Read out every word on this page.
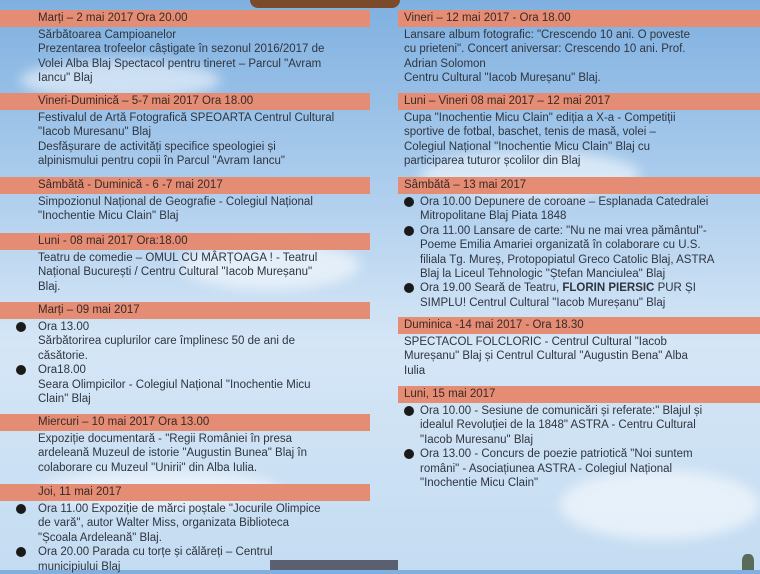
Marți – 2 mai 2017 Ora 20.00
Sărbătoarea Campioanelor
Prezentarea trofeelor câștigate în sezonul 2016/2017 de
Volei Alba Blaj Spectacol pentru tineret – Parcul "Avram
Iancu" Blaj
Vineri-Duminică – 5-7 mai 2017 Ora 18.00
Festivalul de Artă Fotografică SPEOARTA Centrul Cultural
"Iacob Muresanu" Blaj
Desfășurare de activități specifice speologiei și
alpinismului pentru copii în Parcul "Avram Iancu"
Sâmbătă - Duminică - 6 -7 mai 2017
Simpozionul Național de Geografie - Colegiul Național
"Inochentie Micu Clain" Blaj
Luni - 08 mai 2017 Ora:18.00
Teatru de comedie – OMUL CU MÂRȚOAGA ! - Teatrul
Național București / Centru Cultural "Iacob Mureșanu"
Blaj.
Marți – 09 mai 2017
Ora 13.00
Sărbătorirea cuplurilor care împlinesc 50 de ani de
căsătorie.
Ora18.00
Seara Olimpicilor - Colegiul Național "Inochentie Micu
Clain" Blaj
Miercuri – 10 mai 2017 Ora 13.00
Expoziție documentară - "Regii României în presa
ardeleană Muzeul de istorie "Augustin Bunea" Blaj în
colaborare cu Muzeul "Unirii" din Alba Iulia.
Joi, 11 mai 2017
Ora 11.00 Expoziție de mărci poștale "Jocurile Olimpice
de vară", autor Walter Miss, organizata Biblioteca
"Școala Ardeleană" Blaj.
Ora 20.00 Parada cu torțe și călăreți – Centrul
municipiului Blaj
Vineri – 12 mai 2017 - Ora 18.00
Lansare album fotografic: "Crescendo 10 ani. O poveste
cu prieteni". Concert aniversar: Crescendo 10 ani. Prof.
Adrian Solomon
Centru Cultural "Iacob Mureșanu" Blaj.
Luni – Vineri 08 mai 2017 – 12 mai 2017
Cupa "Inochentie Micu Clain" ediția a X-a - Competiții
sportive de fotbal, baschet, tenis de masă, volei –
Colegiul Național "Inochentie Micu Clain" Blaj cu
participarea tuturor școlilor din Blaj
Sâmbătă – 13 mai 2017
Ora 10.00 Depunere de coroane – Esplanada Catedralei
Mitropolitane Blaj Piata 1848
Ora 11.00 Lansare de carte: "Nu ne mai vrea pământul"-
Poeme Emilia Amariei organizată în colaborare cu U.S.
filiala Tg. Mureș, Protopopiatul Greco Catolic Blaj, ASTRA
Blaj la Liceul Tehnologic "Ștefan Manciulea" Blaj
Ora 19.00 Seară de Teatru, FLORIN PIERSIC PUR ȘI
SIMPLU! Centrul Cultural "Iacob Mureșanu" Blaj
Duminica -14 mai 2017 - Ora 18.30
SPECTACOL FOLCLORIC - Centrul Cultural "Iacob
Mureșanu" Blaj și Centrul Cultural "Augustin Bena" Alba
Iulia
Luni, 15 mai 2017
Ora 10.00 - Sesiune de comunicări și referate:" Blajul și
idealul Revoluției de la 1848" ASTRA - Centru Cultural
"Iacob Muresanu" Blaj
Ora 13.00 - Concurs de poezie patriotică "Noi suntem
români" - Asociațiunea ASTRA - Colegiul Național
"Inochentie Micu Clain"
